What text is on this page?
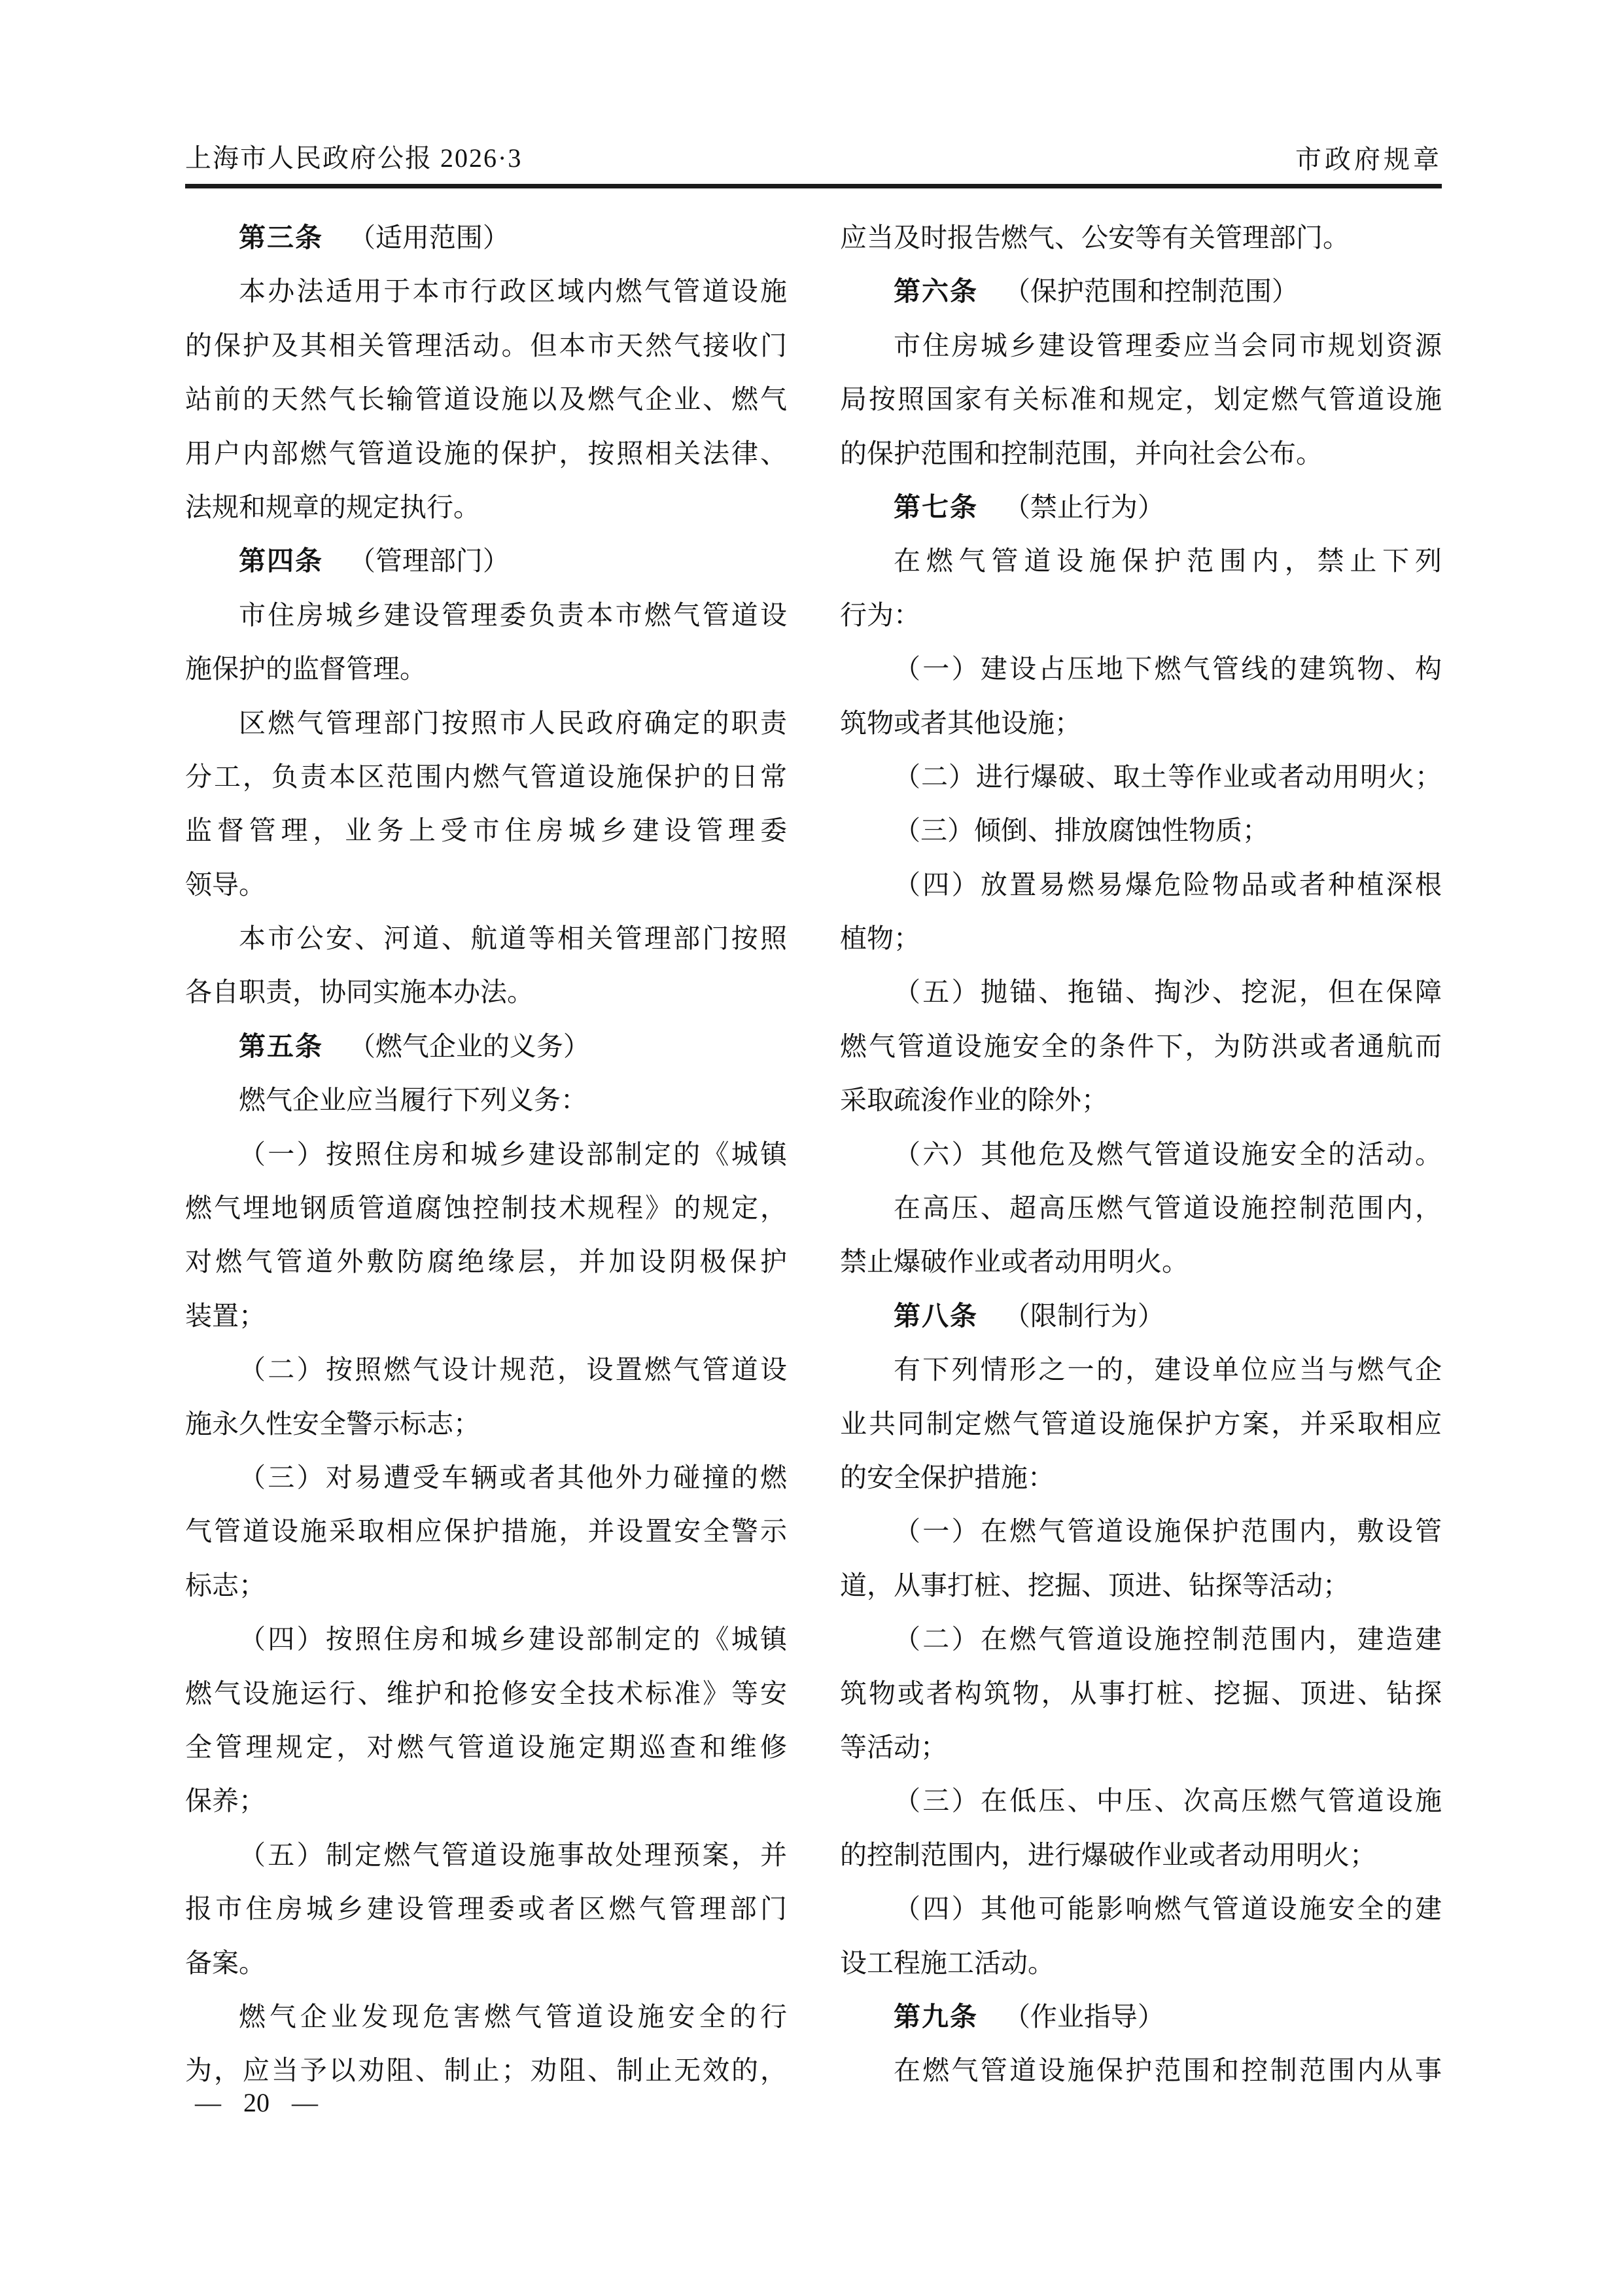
上海市人民政府公报 2026·3	市政府规章
第三条 （适用范围）
本办法适用于本市行政区域内燃气管道设施
的保护及其相关管理活动。但本市天然气接收门
站前的天然气长输管道设施以及燃气企业、燃气
用户内部燃气管道设施的保护，按照相关法律、
法规和规章的规定执行。
第四条 （管理部门）
市住房城乡建设管理委负责本市燃气管道设
施保护的监督管理。
区燃气管理部门按照市人民政府确定的职责
分工，负责本区范围内燃气管道设施保护的日常
监督管理，业务上受市住房城乡建设管理委
领导。
本市公安、河道、航道等相关管理部门按照
各自职责，协同实施本办法。
第五条 （燃气企业的义务）
燃气企业应当履行下列义务：
（一）按照住房和城乡建设部制定的《城镇
燃气埋地钢质管道腐蚀控制技术规程》的规定，
对燃气管道外敷防腐绝缘层，并加设阴极保护
装置；
（二）按照燃气设计规范，设置燃气管道设
施永久性安全警示标志；
（三）对易遭受车辆或者其他外力碰撞的燃
气管道设施采取相应保护措施，并设置安全警示
标志；
（四）按照住房和城乡建设部制定的《城镇
燃气设施运行、维护和抢修安全技术标准》等安
全管理规定，对燃气管道设施定期巡查和维修
保养；
（五）制定燃气管道设施事故处理预案，并
报市住房城乡建设管理委或者区燃气管理部门
备案。
燃气企业发现危害燃气管道设施安全的行
为，应当予以劝阻、制止；劝阻、制止无效的，
应当及时报告燃气、公安等有关管理部门。
第六条 （保护范围和控制范围）
市住房城乡建设管理委应当会同市规划资源
局按照国家有关标准和规定，划定燃气管道设施
的保护范围和控制范围，并向社会公布。
第七条 （禁止行为）
在燃气管道设施保护范围内，禁止下列
行为：
（一）建设占压地下燃气管线的建筑物、构
筑物或者其他设施；
（二）进行爆破、取土等作业或者动用明火；
（三）倾倒、排放腐蚀性物质；
（四）放置易燃易爆危险物品或者种植深根
植物；
（五）抛锚、拖锚、掏沙、挖泥，但在保障
燃气管道设施安全的条件下，为防洪或者通航而
采取疏浚作业的除外；
（六）其他危及燃气管道设施安全的活动。
在高压、超高压燃气管道设施控制范围内，
禁止爆破作业或者动用明火。
第八条 （限制行为）
有下列情形之一的，建设单位应当与燃气企
业共同制定燃气管道设施保护方案，并采取相应
的安全保护措施：
（一）在燃气管道设施保护范围内，敷设管
道，从事打桩、挖掘、顶进、钻探等活动；
（二）在燃气管道设施控制范围内，建造建
筑物或者构筑物，从事打桩、挖掘、顶进、钻探
等活动；
（三）在低压、中压、次高压燃气管道设施
的控制范围内，进行爆破作业或者动用明火；
（四）其他可能影响燃气管道设施安全的建
设工程施工活动。
第九条 （作业指导）
在燃气管道设施保护范围和控制范围内从事
— 20 —
